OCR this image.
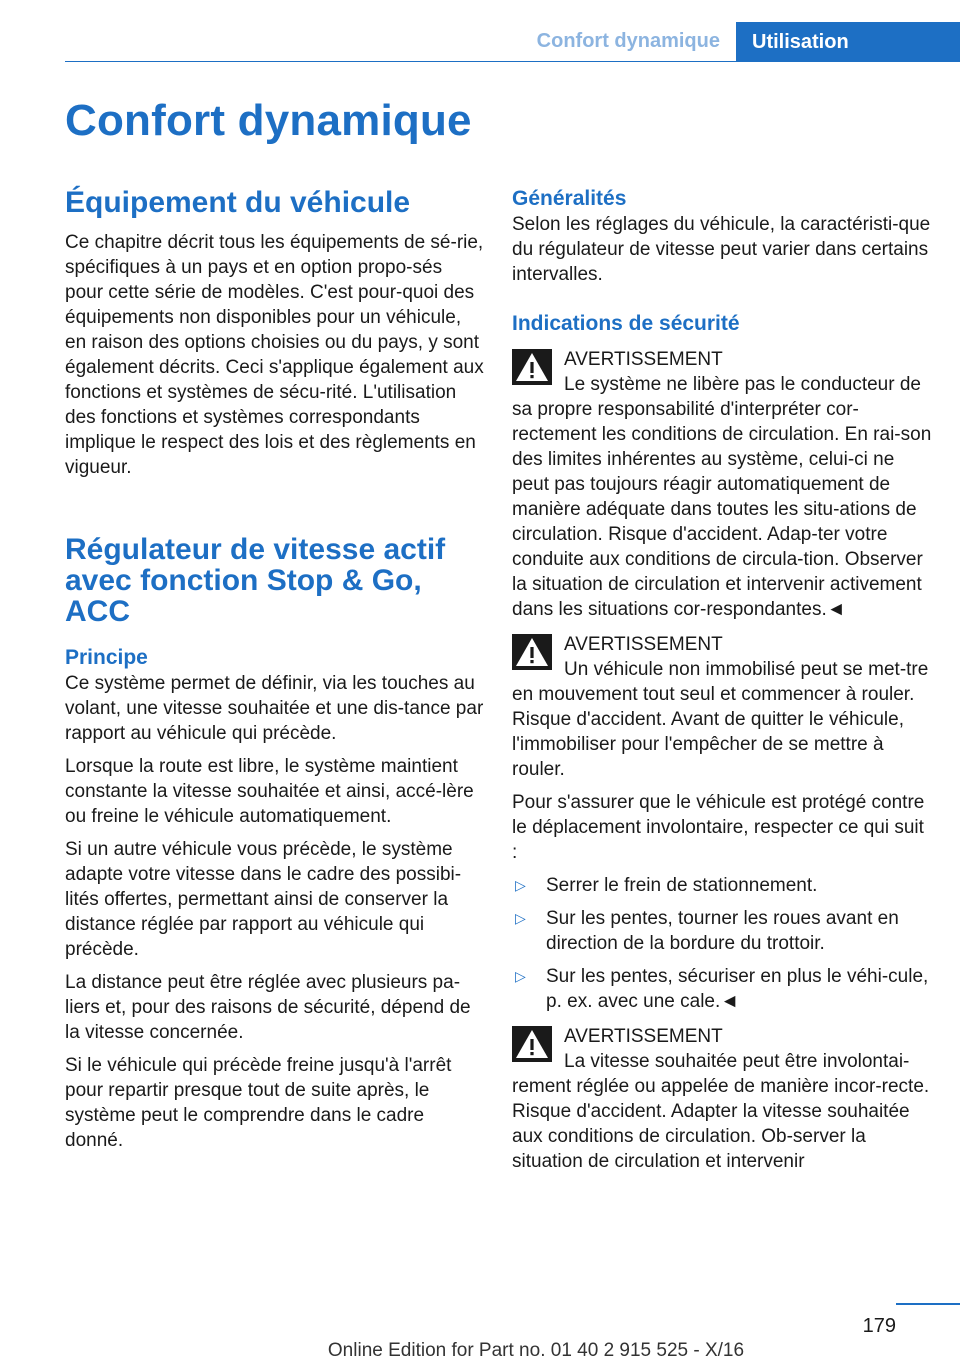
Confort dynamique	Utilisation
Confort dynamique
Équipement du véhicule

Ce chapitre décrit tous les équipements de sé-rie, spécifiques à un pays et en option propo-sés pour cette série de modèles. C'est pour-quoi des équipements non disponibles pour un véhicule, en raison des options choisies ou du pays, y sont également décrits. Ceci s'applique également aux fonctions et systèmes de sécu-rité. L'utilisation des fonctions et systèmes correspondants implique le respect des lois et des règlements en vigueur.

Régulateur de vitesse actif avec fonction Stop & Go, ACC
Principe

Ce système permet de définir, via les touches au volant, une vitesse souhaitée et une dis-tance par rapport au véhicule qui précède.

Lorsque la route est libre, le système maintient constante la vitesse souhaitée et ainsi, accé-lère ou freine le véhicule automatiquement.

Si un autre véhicule vous précède, le système adapte votre vitesse dans le cadre des possibi-lités offertes, permettant ainsi de conserver la distance réglée par rapport au véhicule qui précède.

La distance peut être réglée avec plusieurs pa-liers et, pour des raisons de sécurité, dépend de la vitesse concernée.

Si le véhicule qui précède freine jusqu'à l'arrêt pour repartir presque tout de suite après, le système peut le comprendre dans le cadre donné.

Généralités

Selon les réglages du véhicule, la caractéristi-que du régulateur de vitesse peut varier dans certains intervalles.

Indications de sécurité
AVERTISSEMENT

Le système ne libère pas le conducteur de sa propre responsabilité d'interpréter cor-rectement les conditions de circulation. En rai-son des limites inhérentes au système, celui-ci ne peut pas toujours réagir automatiquement de manière adéquate dans toutes les situ-ations de circulation. Risque d'accident. Adap-ter votre conduite aux conditions de circula-tion. Observer la situation de circulation et intervenir activement dans les situations cor-respondantes.◄

AVERTISSEMENT

Un véhicule non immobilisé peut se met-tre en mouvement tout seul et commencer à rouler. Risque d'accident. Avant de quitter le véhicule, l'immobiliser pour l'empêcher de se mettre à rouler.

Pour s'assurer que le véhicule est protégé contre le déplacement involontaire, respecter ce qui suit :

▷ Serrer le frein de stationnement.
▷ Sur les pentes, tourner les roues avant en direction de la bordure du trottoir.
▷ Sur les pentes, sécuriser en plus le véhi-cule, p. ex. avec une cale.◄
AVERTISSEMENT

La vitesse souhaitée peut être involontai-rement réglée ou appelée de manière incor-recte. Risque d'accident. Adapter la vitesse souhaitée aux conditions de circulation. Ob-server la situation de circulation et intervenir

179
Online Edition for Part no. 01 40 2 915 525 - X/16
